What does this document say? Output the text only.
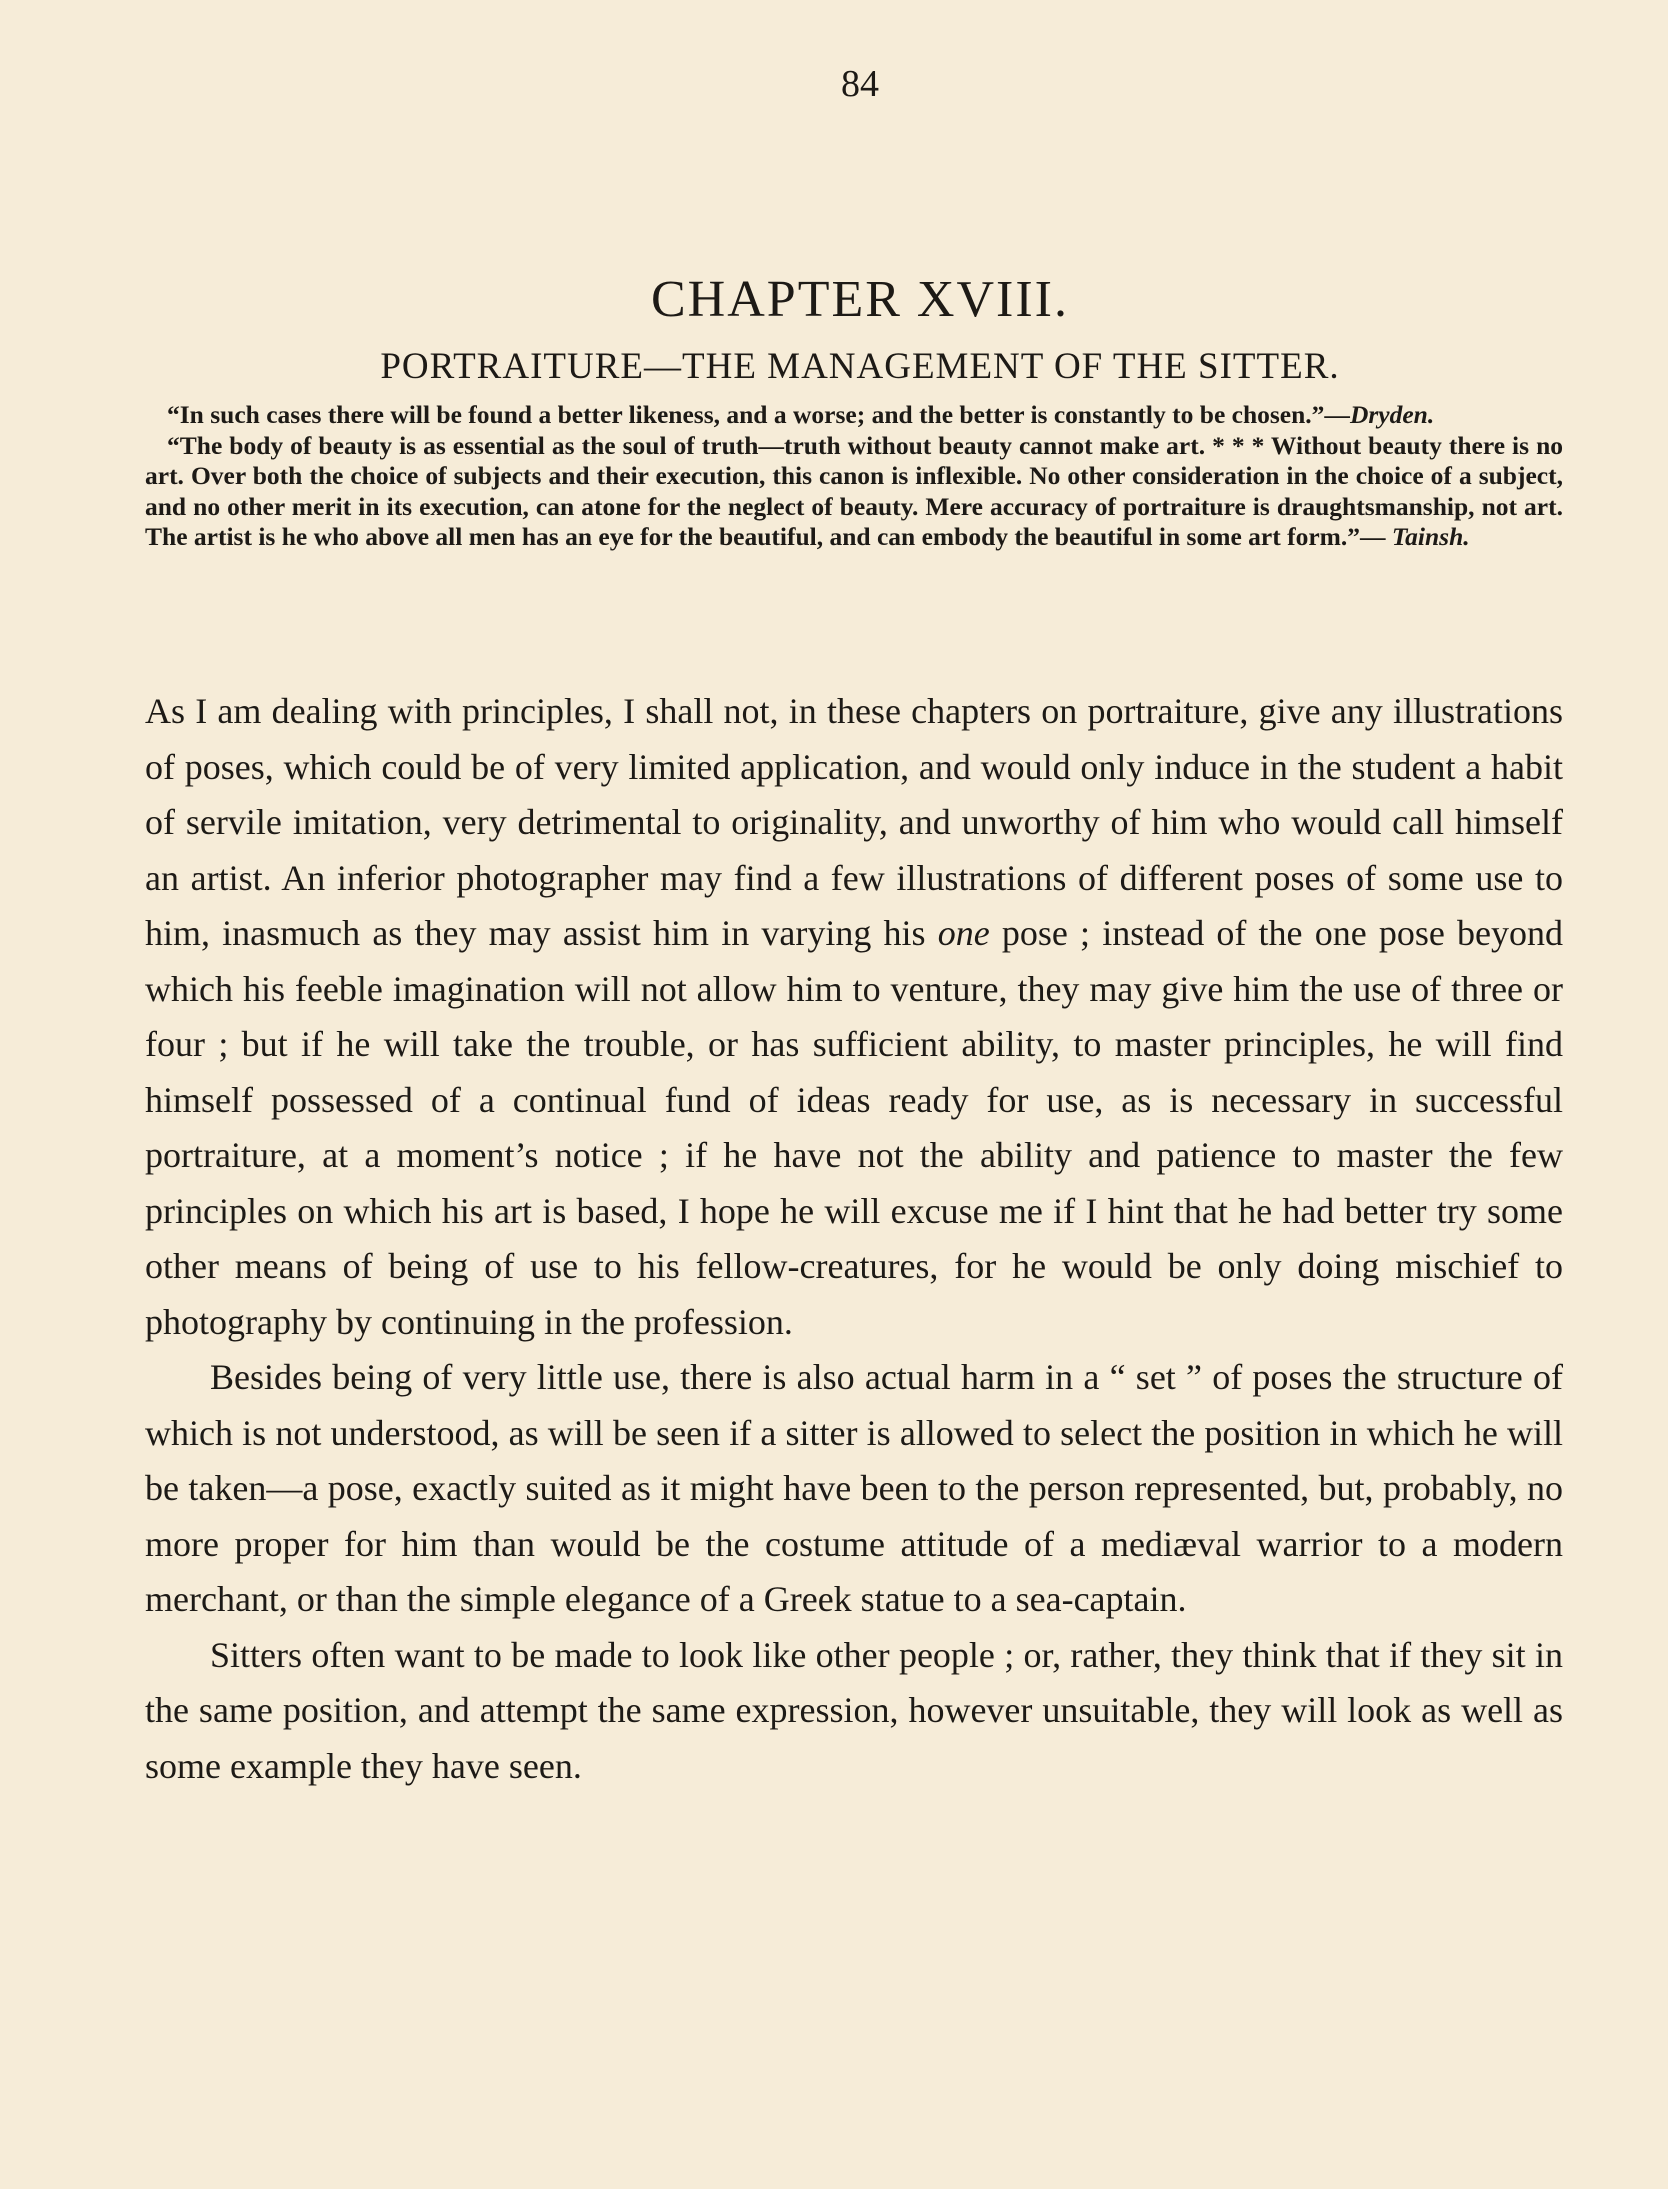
84
CHAPTER XVIII.
PORTRAITURE—THE MANAGEMENT OF THE SITTER.

“In such cases there will be found a better likeness, and a worse; and the better is constantly to be chosen.”—Dryden.

“The body of beauty is as essential as the soul of truth—truth without beauty cannot make art. * * * Without beauty there is no art. Over both the choice of subjects and their execution, this canon is inflexible. No other consideration in the choice of a subject, and no other merit in its execution, can atone for the neglect of beauty. Mere accuracy of portraiture is draughtsmanship, not art. The artist is he who above all men has an eye for the beautiful, and can embody the beautiful in some art form.”— Tainsh.

As I am dealing with principles, I shall not, in these chapters on portraiture, give any illustrations of poses, which could be of very limited application, and would only induce in the student a habit of servile imitation, very detrimental to originality, and unworthy of him who would call himself an artist. An inferior photographer may find a few illustrations of different poses of some use to him, inasmuch as they may assist him in varying his one pose ; instead of the one pose beyond which his feeble imagination will not allow him to venture, they may give him the use of three or four ; but if he will take the trouble, or has sufficient ability, to master principles, he will find himself possessed of a continual fund of ideas ready for use, as is necessary in successful portraiture, at a moment’s notice ; if he have not the ability and patience to master the few principles on which his art is based, I hope he will excuse me if I hint that he had better try some other means of being of use to his fellow-creatures, for he would be only doing mischief to photography by continuing in the profession.

Besides being of very little use, there is also actual harm in a “ set ” of poses the structure of which is not understood, as will be seen if a sitter is allowed to select the position in which he will be taken—a pose, exactly suited as it might have been to the person represented, but, probably, no more proper for him than would be the costume attitude of a mediæval warrior to a modern merchant, or than the simple elegance of a Greek statue to a sea-captain.

Sitters often want to be made to look like other people ; or, rather, they think that if they sit in the same position, and attempt the same expression, however unsuitable, they will look as well as some example they have seen.
